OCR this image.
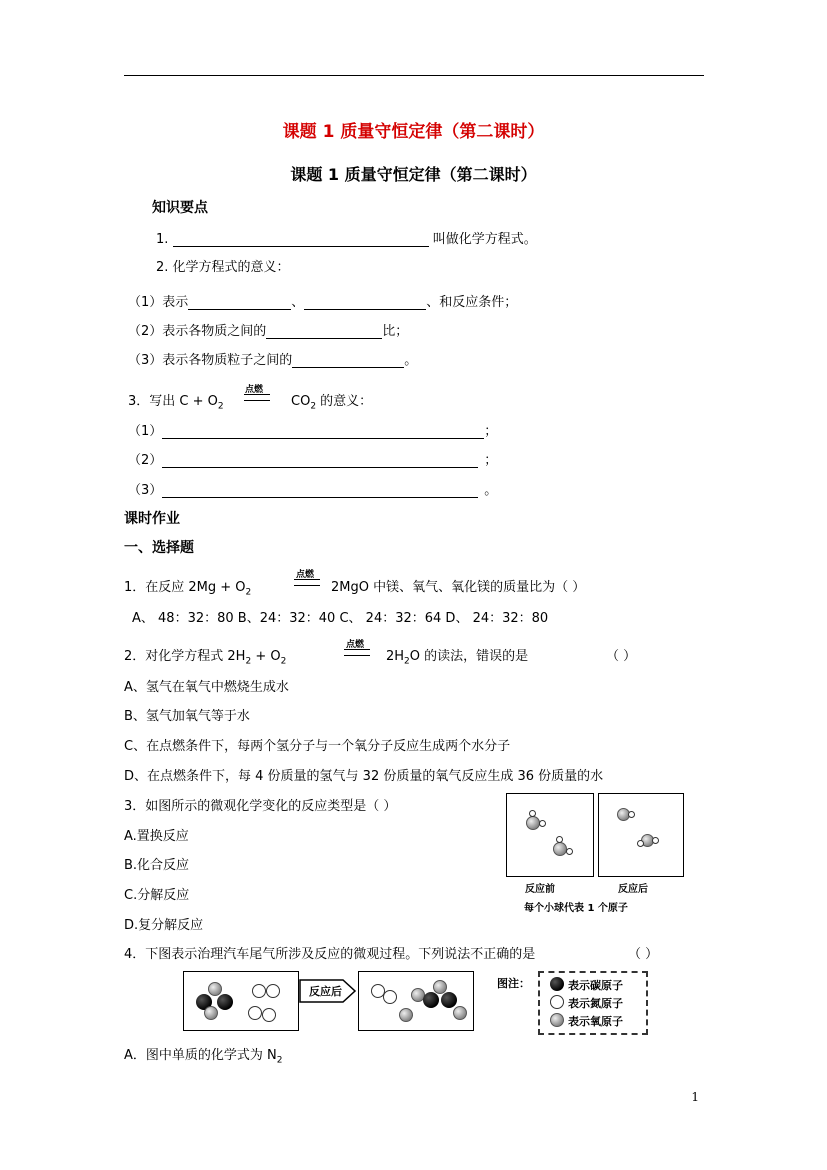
课题 1 质量守恒定律（第二课时）
课题 1 质量守恒定律（第二课时）
知识要点
1.	叫做化学方程式。
2. 化学方程式的意义：
（1）表示	、	、和反应条件；
（2）表示各物质之间的	比；
（3）表示各物质粒子之间的	。
3．写出 $C + O_2$
点燃
$CO_2$ 的意义：
（1）	；
（2）	；
（3）	。
课时作业
一、选择题
1．在反应 $2Mg + O_2$
点燃
2MgO 中镁、氧气、氧化镁的质量比为（ ）
A、 48：32：80 B、24：32：40 C、 24：32：64 D、 24：32：80
2．对化学方程式 $2H_2 + O_2$
点燃
$2H_2O$ 的读法，错误的是	（ ）
A、氢气在氧气中燃烧生成水
B、氢气加氧气等于水
C、在点燃条件下，每两个氢分子与一个氧分子反应生成两个水分子
D、在点燃条件下，每 4 份质量的氢气与 32 份质量的氧气反应生成 36 份质量的水
3．如图所示的微观化学变化的反应类型是（ ）
A.置换反应
B.化合反应
C.分解反应
D.复分解反应
反应前	反应后
每个小球代表 1 个原子
4．下图表示治理汽车尾气所涉及反应的微观过程。下列说法不正确的是	（ ）
反应后
图注：	表示碳原子
表示氮原子
表示氧原子
A．图中单质的化学式为 $N_2$
1
